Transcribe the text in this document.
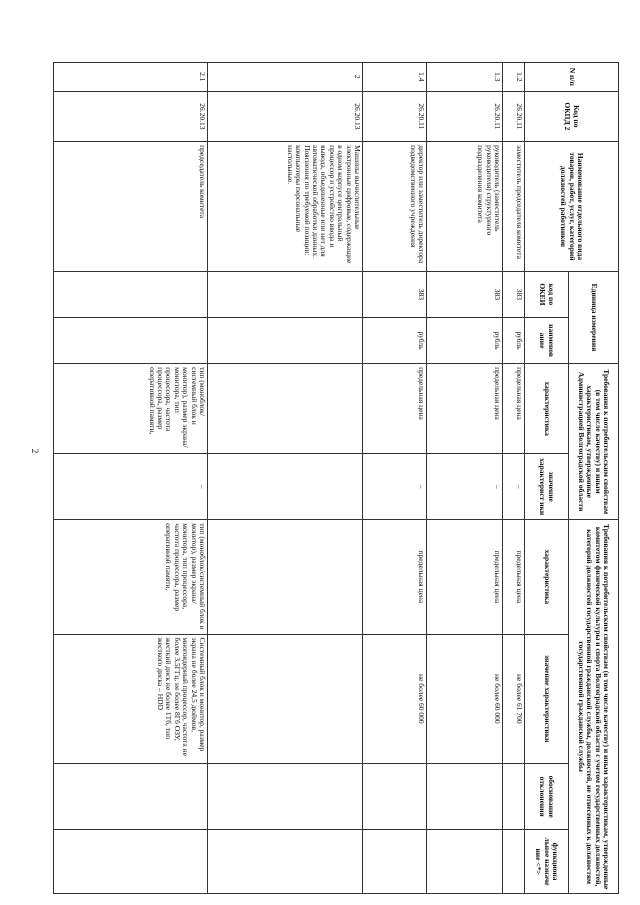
2
N п/п	Код по ОКПД 2	Наименование отдельного вида товаров, работ, услуг, категорий должностей работников	Единица измерения		Требования к потребительским свойствам (в том числе качеству) и иным характеристикам, утвержденные Администрацией Волгоградской области		Требования к потребительским свойствам (в том числе качеству) и иным характеристикам, утвержденные комитетом физической культуры и спорта Волгоградской области с учетом государственных должностей, категорий должностей государственной гражданской службы, должностей, не отнесенных к должностям государственной гражданской службы			
			код по ОКЕИ	наименов ание	характеристика	значение характерист ики	характеристика	значение характеристики	обоснование отклонения	функциона льное назначе ние <*>
1.2	26.20.11	заместитель председателя комитета	383	рубль	предельная цена	–	предельная цена	не более 61 700		
1.3	26.20.11	руководитель (заместитель руководителя) структурного подразделения комитета	383	рубль	предельная цена	–	предельная цена	не более 60 000		
1.4	26.20.11	директор или заместитель директора подведомственного учреждения	383	рубль	предельная цена	–	предельная цена	не более 60 000		
2	26.20.13	Машины вычислительные электронные цифровые, содержащие в одном корпусе центральный процессор и устройство ввода и вывода, объединенные или нет для автоматической обработки данных. Пояснения по требуемой позиции: компьютеры персональные настольные.								
2.1	26.20.13	председатель комитета			тип (моноблок/системный блок и монитор), размер экрана/монитора, тип процессора, частота процессора, размер оперативной памяти,	–	тип (моноблок/системный блок и монитор), размер экрана/монитора, тип процессора, частота процессора, размер оперативной памяти,	Системный блок и монитор, размер экрана не более 24,5 дюймов, многоядерный процессор, частота не более 3,5ГГц, не более 8Гб ОЗУ, жесткий диск не более 1Тб, тип жесткого диска – HDD		
